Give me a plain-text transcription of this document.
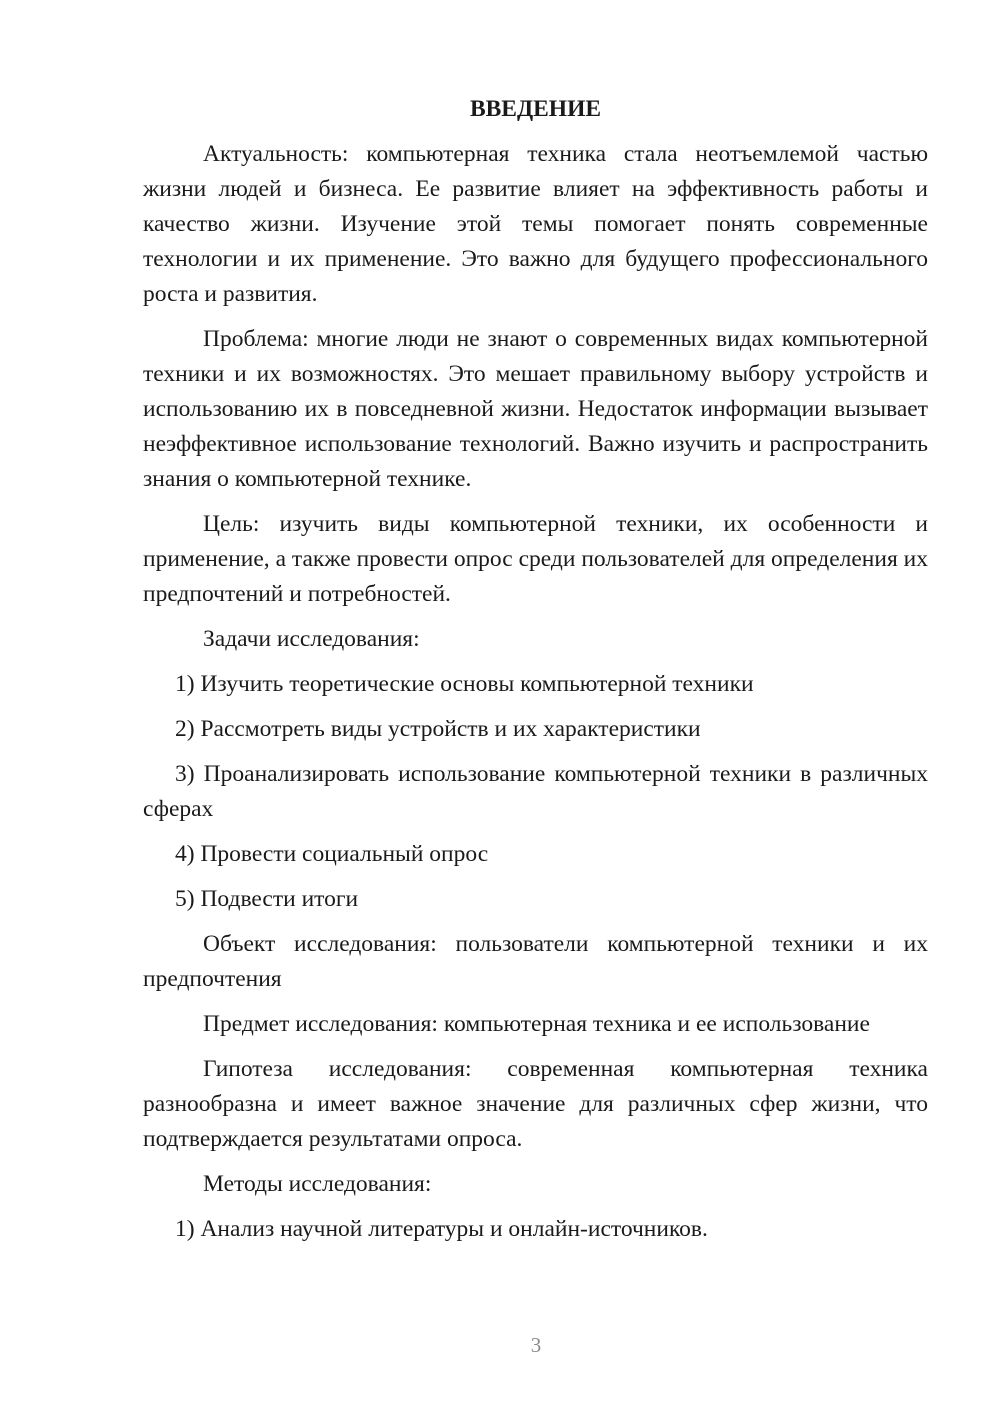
ВВЕДЕНИЕ

Актуальность: компьютерная техника стала неотъемлемой частью жизни людей и бизнеса. Ее развитие влияет на эффективность работы и качество жизни. Изучение этой темы помогает понять современные технологии и их применение. Это важно для будущего профессионального роста и развития.

Проблема: многие люди не знают о современных видах компьютерной техники и их возможностях. Это мешает правильному выбору устройств и использованию их в повседневной жизни. Недостаток информации вызывает неэффективное использование технологий. Важно изучить и распространить знания о компьютерной технике.

Цель: изучить виды компьютерной техники, их особенности и применение, а также провести опрос среди пользователей для определения их предпочтений и потребностей.

Задачи исследования:

1) Изучить теоретические основы компьютерной техники

2) Рассмотреть виды устройств и их характеристики

3) Проанализировать использование компьютерной техники в различных сферах

4) Провести социальный опрос

5) Подвести итоги

Объект исследования: пользователи компьютерной техники и их предпочтения

Предмет исследования: компьютерная техника и ее использование

Гипотеза исследования: современная компьютерная техника разнообразна и имеет важное значение для различных сфер жизни, что подтверждается результатами опроса.

Методы исследования:

1) Анализ научной литературы и онлайн-источников.

3
